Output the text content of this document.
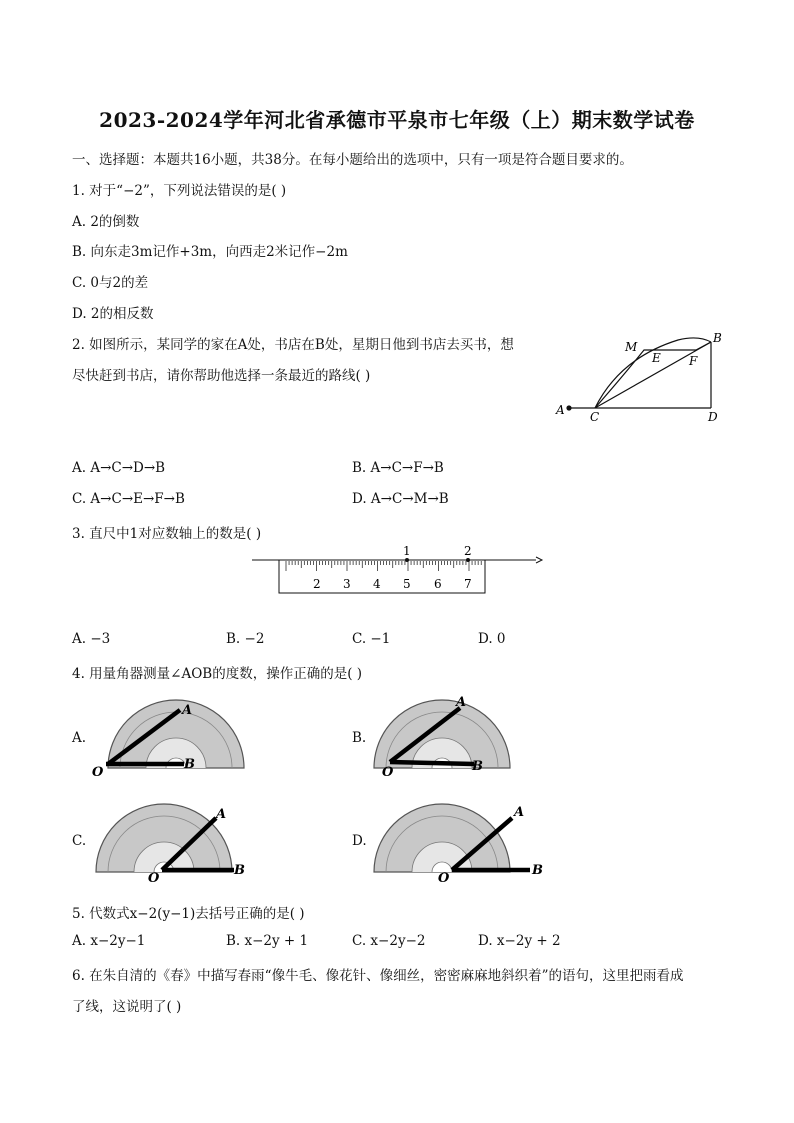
2023-2024学年河北省承德市平泉市七年级（上）期末数学试卷
一、选择题：本题共16小题，共38分。在每小题给出的选项中，只有一项是符合题目要求的。
1. 对于“−2”，下列说法错误的是( )
A. 2的倒数
B. 向东走3m记作+3m，向西走2米记作−2m
C. 0与2的差
D. 2的相反数
2. 如图所示，某同学的家在A处，书店在B处，星期日他到书店去买书，想
尽快赶到书店，请你帮助他选择一条最近的路线( )
A C	D
B
E F
M
A. A→C→D→B	B. A→C→F→B
C. A→C→E→F→B	D. A→C→M→B
3. 直尺中1对应数轴上的数是( )
1	2
2 3 4 5 6 7
A. −3	B. −2	C. −1	D. 0
4. 用量角器测量∠AOB的度数，操作正确的是( )
A.	B.
C.	D.
O
A
B
O
A
B
O
A
B
O
A
B
5. 代数式x−2(y−1)去括号正确的是( )
A. x−2y−1	B. x−2y + 1	C. x−2y−2	D. x−2y + 2
6. 在朱自清的《春》中描写春雨“像牛毛、像花针、像细丝，密密麻麻地斜织着”的语句，这里把雨看成
了线，这说明了( )
